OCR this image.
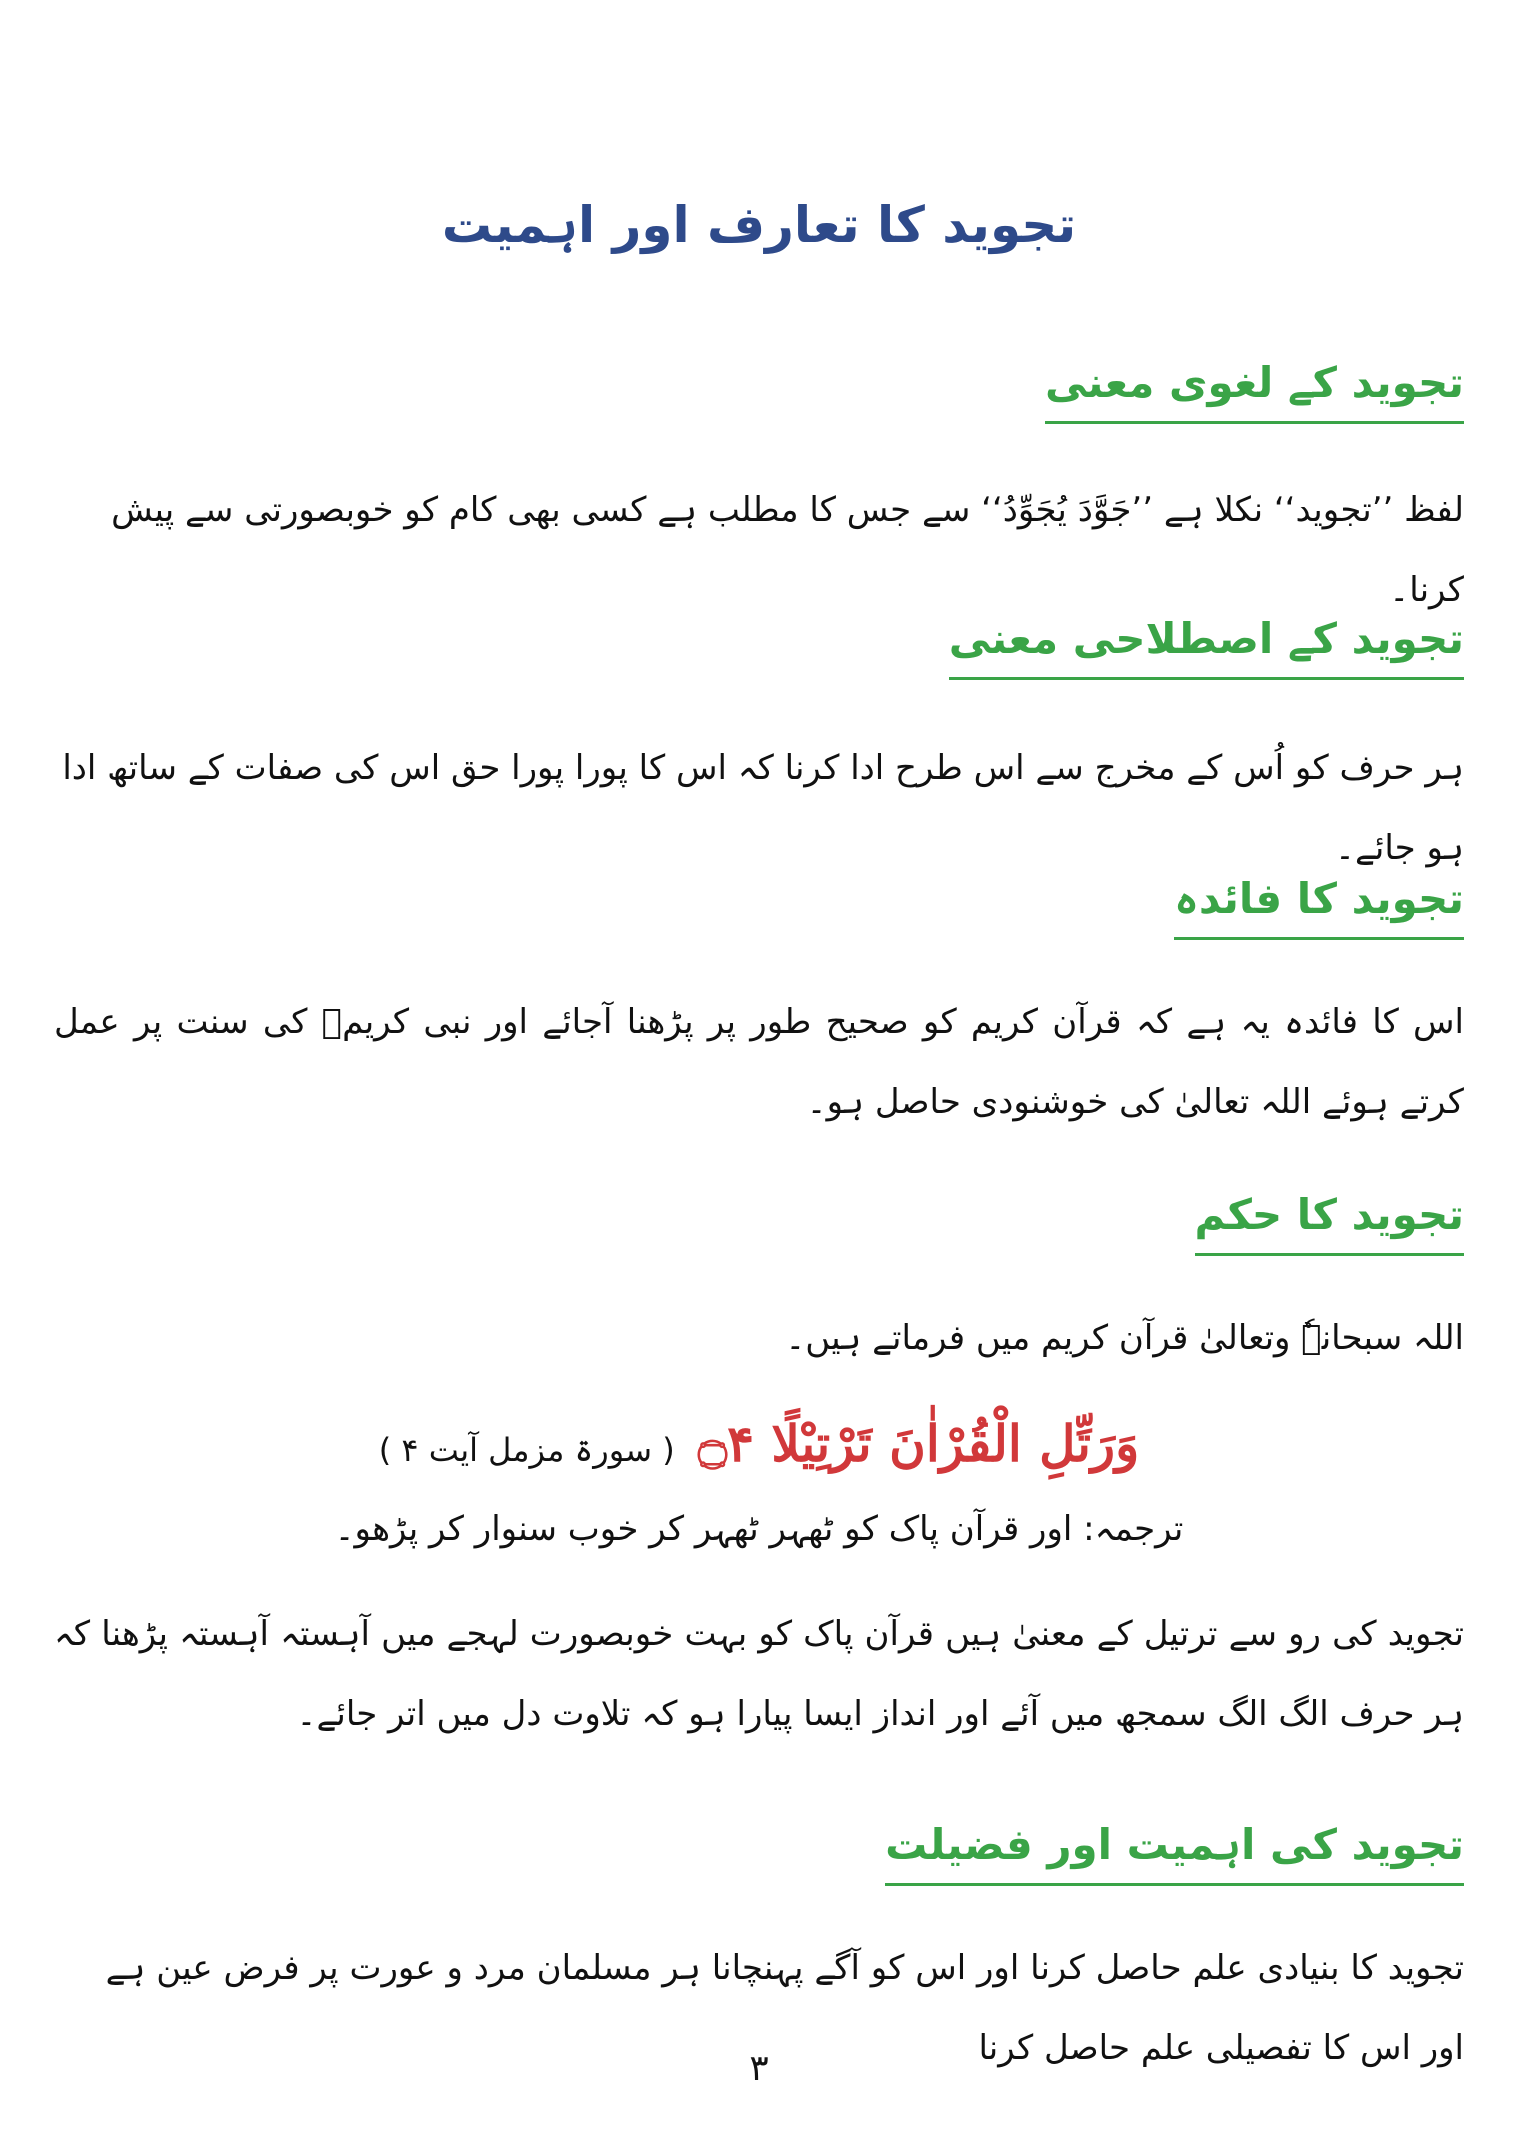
تجوید کا تعارف اور اہمیت
تجوید کے لغوی معنی
لفظ ’’تجوید‘‘ نکلا ہے ’’جَوَّدَ یُجَوِّدُ‘‘ سے جس کا مطلب ہے کسی بھی کام کو خوبصورتی سے پیش کرنا۔
تجوید کے اصطلاحی معنی
ہر حرف کو اُس کے مخرج سے اس طرح ادا کرنا کہ اس کا پورا پورا حق اس کی صفات کے ساتھ ادا ہو جائے۔
تجوید کا فائدہ
اس کا فائدہ یہ ہے کہ قرآن کریم کو صحیح طور پر پڑھنا آجائے اور نبی کریمؐ کی سنت پر عمل کرتے ہوئے اللہ تعالیٰ کی خوشنودی حاصل ہو۔
تجوید کا حکم
اللہ سبحانہٗ وتعالیٰ قرآن کریم میں فرماتے ہیں۔
وَرَتِّلِ الْقُرْاٰنَ تَرْتِيْلًا ۝۴ ( سورۃ مزمل آیت ۴ )
ترجمہ: اور قرآن پاک کو ٹھہر ٹھہر کر خوب سنوار کر پڑھو۔
تجوید کی رو سے ترتیل کے معنیٰ ہیں قرآن پاک کو بہت خوبصورت لہجے میں آہستہ آہستہ پڑھنا کہ ہر حرف الگ الگ سمجھ میں آئے اور انداز ایسا پیارا ہو کہ تلاوت دل میں اتر جائے۔
تجوید کی اہمیت اور فضیلت
تجوید کا بنیادی علم حاصل کرنا اور اس کو آگے پہنچانا ہر مسلمان مرد و عورت پر فرض عین ہے اور اس کا تفصیلی علم حاصل کرنا
۳
